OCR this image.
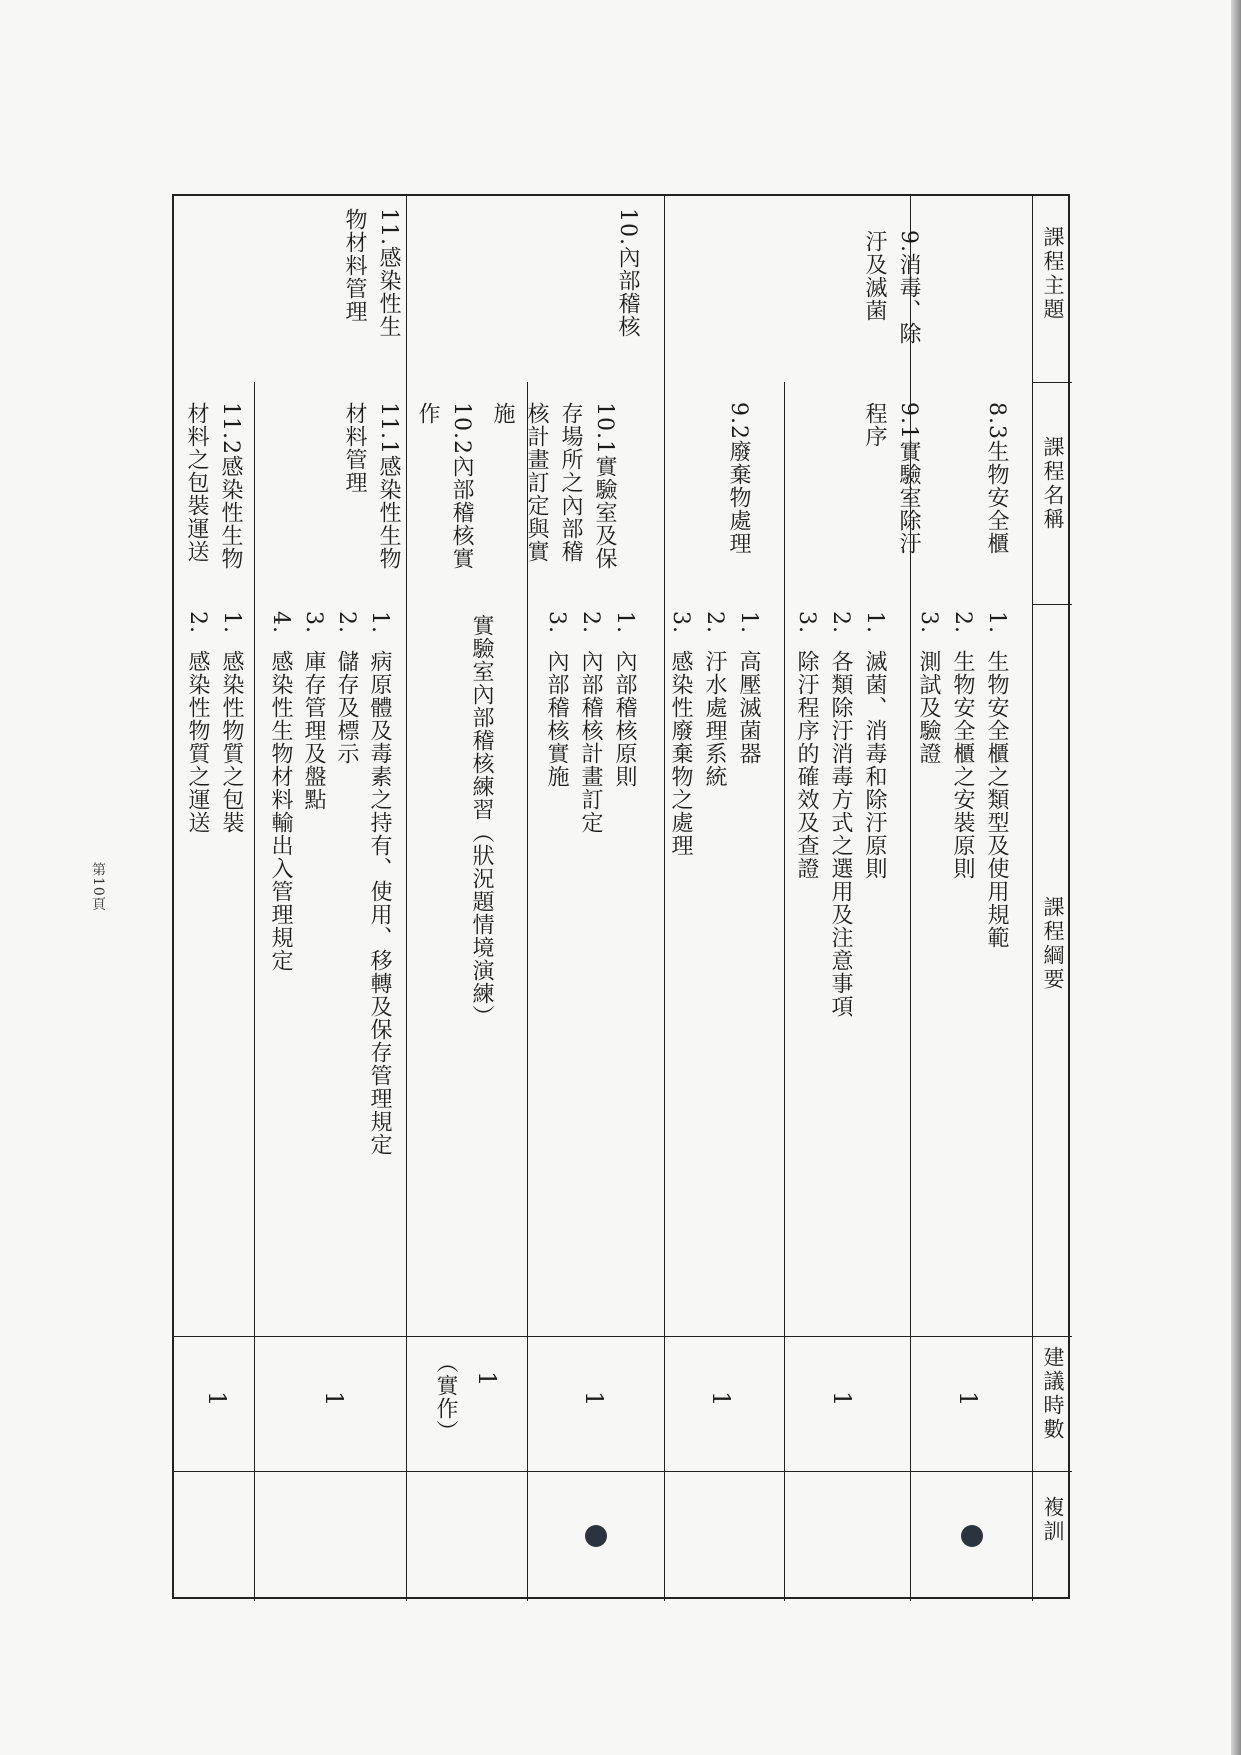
課程主題
課程名稱
課程綱要
建議時數
複訓
8.3生物安全櫃
1.  生物安全櫃之類型及使用規範
2.  生物安全櫃之安裝原則
3.  測試及驗證
1
9.消毒、除
汙及滅菌
9.1實驗室除汙
程序
1.  滅菌、消毒和除汙原則
2.  各類除汙消毒方式之選用及注意事項
3.  除汙程序的確效及查證
1
9.2廢棄物處理
1.  高壓滅菌器
2.  汙水處理系統
3.  感染性廢棄物之處理
1
10.內部稽核
10.1實驗室及保
存場所之內部稽
核計畫訂定與實
施
1.  內部稽核原則
2.  內部稽核計畫訂定
3.  內部稽核實施
1
10.2內部稽核實
作
實驗室內部稽核練習（狀況題情境演練）
1
（實作）
11.感染性生
物材料管理
11.1感染性生物
材料管理
1.  病原體及毒素之持有、使用、移轉及保存管理規定
2.  儲存及標示
3.  庫存管理及盤點
4.  感染性生物材料輸出入管理規定
1
11.2感染性生物
材料之包裝運送
1.  感染性物質之包裝
2.  感染性物質之運送
1
第10頁
